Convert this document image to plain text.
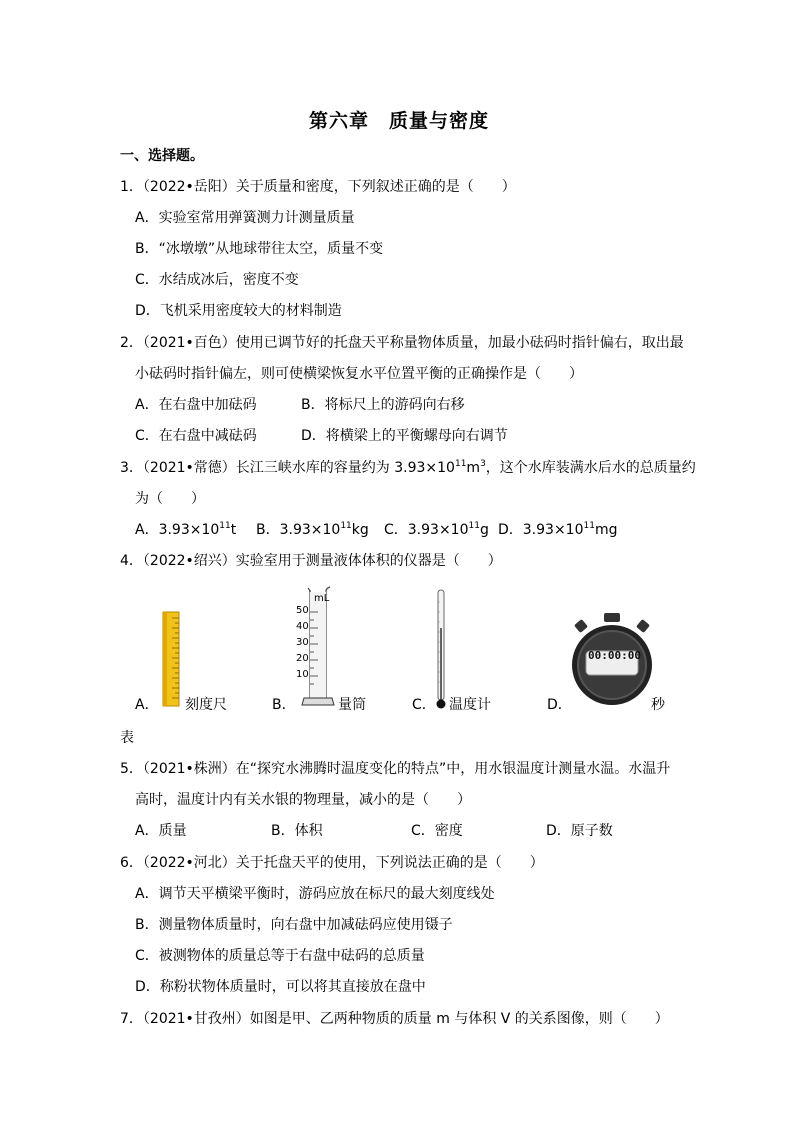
第六章　质量与密度
一、选择题。
1．（2022•岳阳）关于质量和密度，下列叙述正确的是（　　）
A．实验室常用弹簧测力计测量质量
B．“冰墩墩”从地球带往太空，质量不变
C．水结成冰后，密度不变
D．飞机采用密度较大的材料制造
2．（2021•百色）使用已调节好的托盘天平称量物体质量，加最小砝码时指针偏右，取出最
小砝码时指针偏左，则可使横梁恢复水平位置平衡的正确操作是（　　）
A．在右盘中加砝码	B．将标尺上的游码向右移
C．在右盘中减砝码	D．将横梁上的平衡螺母向右调节
3．（2021•常德）长江三峡水库的容量约为 $3.93\times 10^{11}m^3$，这个水库装满水后水的总质量约
为（　　）
A．$3.93\times 10^{11}t$ B．$3.93\times 10^{11}kg$ C．$3.93\times 10^{11}g$ D．$3.93\times 10^{11}mg$
4．（2022•绍兴）实验室用于测量液体体积的仪器是（　　）
A． 刻度尺	B．
mL
50
40
30
20
10
量筒	C． 温度计	D．
00:00:00
秒
表
5．（2021•株洲）在“探究水沸腾时温度变化的特点”中，用水银温度计测量水温。水温升
高时，温度计内有关水银的物理量，减小的是（　　）
A．质量	B．体积	C．密度	D．原子数
6．（2022•河北）关于托盘天平的使用，下列说法正确的是（　　）
A．调节天平横梁平衡时，游码应放在标尺的最大刻度线处
B．测量物体质量时，向右盘中加减砝码应使用镊子
C．被测物体的质量总等于右盘中砝码的总质量
D．称粉状物体质量时，可以将其直接放在盘中
7．（2021•甘孜州）如图是甲、乙两种物质的质量 m 与体积 V 的关系图像，则（　　）
